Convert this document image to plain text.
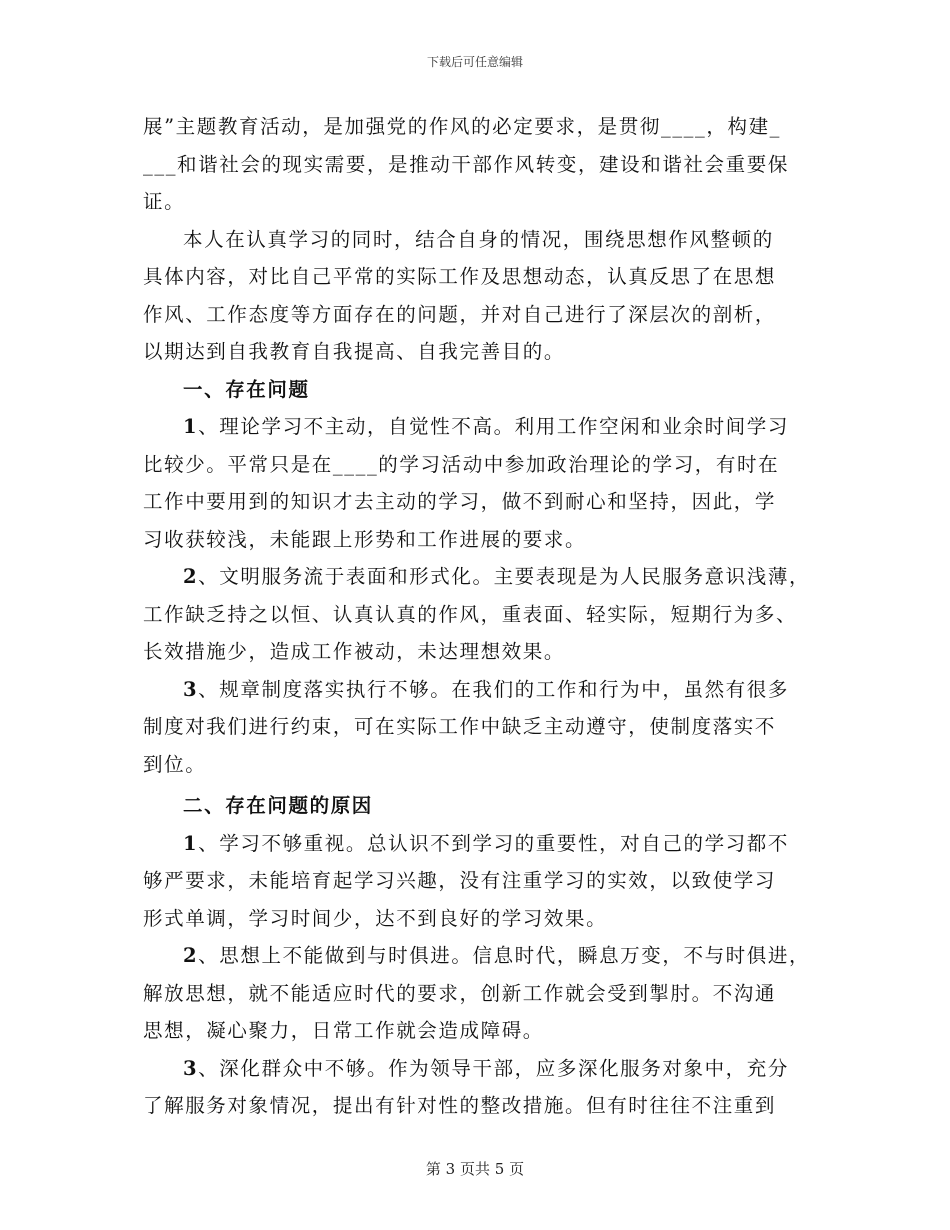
下载后可任意编辑
展”主题教育活动，是加强党的作风的必定要求，是贯彻____，构建_
___和谐社会的现实需要，是推动干部作风转变，建设和谐社会重要保
证。
本人在认真学习的同时，结合自身的情况，围绕思想作风整顿的
具体内容，对比自己平常的实际工作及思想动态，认真反思了在思想
作风、工作态度等方面存在的问题，并对自己进行了深层次的剖析，
以期达到自我教育自我提高、自我完善目的。
一、存在问题
1、理论学习不主动，自觉性不高。利用工作空闲和业余时间学习
比较少。平常只是在____的学习活动中参加政治理论的学习，有时在
工作中要用到的知识才去主动的学习，做不到耐心和坚持，因此，学
习收获较浅，未能跟上形势和工作进展的要求。
2、文明服务流于表面和形式化。主要表现是为人民服务意识浅薄，
工作缺乏持之以恒、认真认真的作风，重表面、轻实际，短期行为多、
长效措施少，造成工作被动，未达理想效果。
3、规章制度落实执行不够。在我们的工作和行为中，虽然有很多
制度对我们进行约束，可在实际工作中缺乏主动遵守，使制度落实不
到位。
二、存在问题的原因
1、学习不够重视。总认识不到学习的重要性，对自己的学习都不
够严要求，未能培育起学习兴趣，没有注重学习的实效，以致使学习
形式单调，学习时间少，达不到良好的学习效果。
2、思想上不能做到与时俱进。信息时代，瞬息万变，不与时俱进，
解放思想，就不能适应时代的要求，创新工作就会受到掣肘。不沟通
思想，凝心聚力，日常工作就会造成障碍。
3、深化群众中不够。作为领导干部，应多深化服务对象中，充分
了解服务对象情况，提出有针对性的整改措施。但有时往往不注重到
第 3 页共 5 页
